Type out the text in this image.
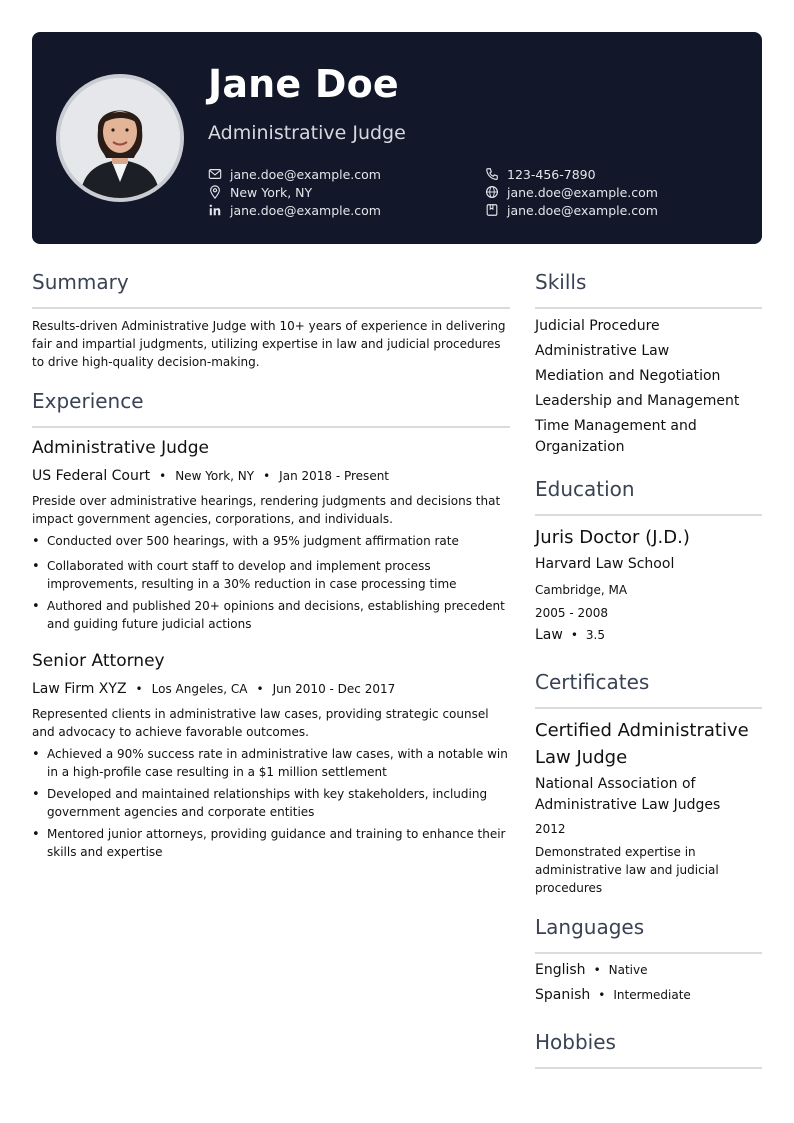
Jane Doe
Administrative Judge
jane.doe@example.com
New York, NY
jane.doe@example.com
123-456-7890
jane.doe@example.com
jane.doe@example.com
Summary
Results-driven Administrative Judge with 10+ years of experience in delivering fair and impartial judgments, utilizing expertise in law and judicial procedures to drive high-quality decision-making.
Experience
Administrative Judge
US Federal Court • New York, NY • Jan 2018 - Present
Preside over administrative hearings, rendering judgments and decisions that impact government agencies, corporations, and individuals.
• Conducted over 500 hearings, with a 95% judgment affirmation rate
• Collaborated with court staff to develop and implement process improvements, resulting in a 30% reduction in case processing time
• Authored and published 20+ opinions and decisions, establishing precedent and guiding future judicial actions
Senior Attorney
Law Firm XYZ • Los Angeles, CA • Jun 2010 - Dec 2017
Represented clients in administrative law cases, providing strategic counsel and advocacy to achieve favorable outcomes.
• Achieved a 90% success rate in administrative law cases, with a notable win in a high-profile case resulting in a $1 million settlement
• Developed and maintained relationships with key stakeholders, including government agencies and corporate entities
• Mentored junior attorneys, providing guidance and training to enhance their skills and expertise
Skills
Judicial Procedure
Administrative Law
Mediation and Negotiation
Leadership and Management
Time Management and Organization
Education
Juris Doctor (J.D.)
Harvard Law School
Cambridge, MA
2005 - 2008
Law • 3.5
Certificates
Certified Administrative Law Judge
National Association of Administrative Law Judges
2012
Demonstrated expertise in administrative law and judicial procedures
Languages
English • Native
Spanish • Intermediate
Hobbies
